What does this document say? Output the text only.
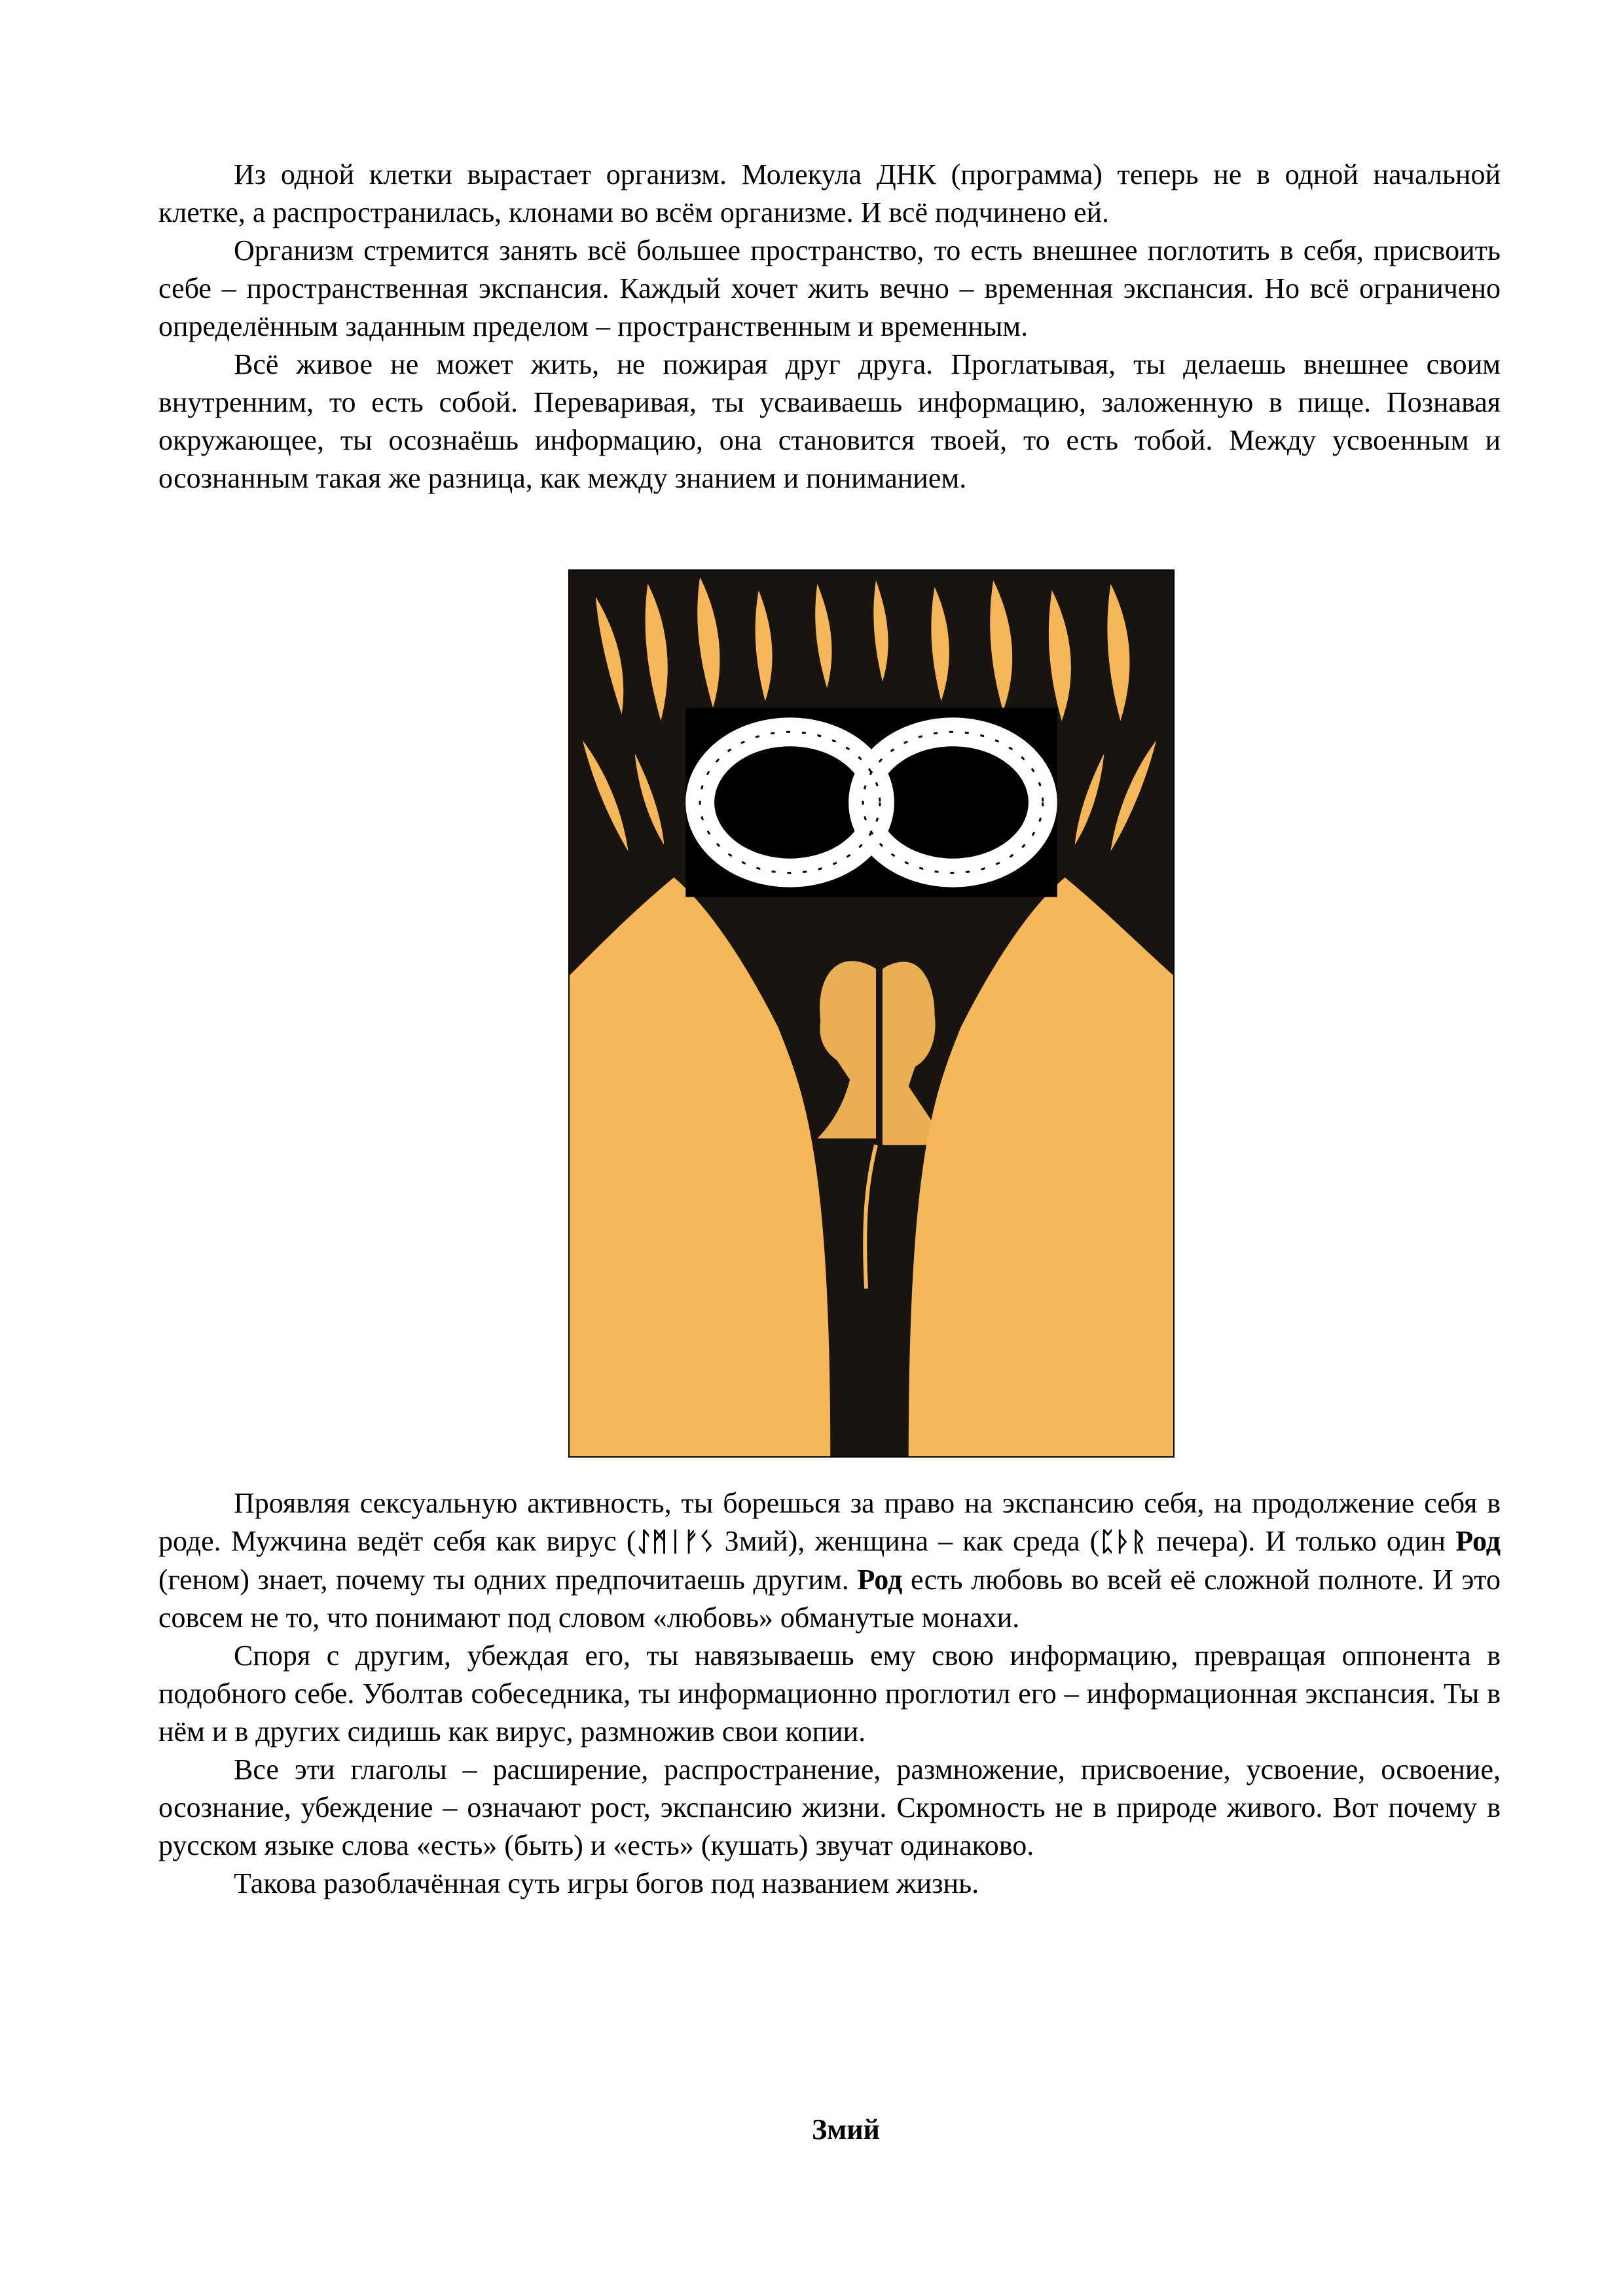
Из одной клетки вырастает организм. Молекула ДНК (программа) теперь не в одной начальной клетке, а распространилась, клонами во всём организме. И всё подчинено ей.

Организм стремится занять всё большее пространство, то есть внешнее поглотить в себя, присвоить себе – пространственная экспансия. Каждый хочет жить вечно – временная экспансия. Но всё ограничено определённым заданным пределом – пространственным и временным.

Всё живое не может жить, не пожирая друг друга. Проглатывая, ты делаешь внешнее своим внутренним, то есть собой. Переваривая, ты усваиваешь информацию, заложенную в пище. Познавая окружающее, ты осознаёшь информацию, она становится твоей, то есть тобой. Между усвоенным и осознанным такая же разница, как между знанием и пониманием.

Проявляя сексуальную активность, ты борешься за право на экспансию себя, на продолжение себя в роде. Мужчина ведёт себя как вирус (ᛇᛗᛁᚠᛊ Змий), женщина – как среда (ᛈᚦᚱ печера). И только один Род (геном) знает, почему ты одних предпочитаешь другим. Род есть любовь во всей её сложной полноте. И это совсем не то, что понимают под словом «любовь» обманутые монахи.

Споря с другим, убеждая его, ты навязываешь ему свою информацию, превращая оппонента в подобного себе. Уболтав собеседника, ты информационно проглотил его – информационная экспансия. Ты в нём и в других сидишь как вирус, размножив свои копии.

Все эти глаголы – расширение, распространение, размножение, присвоение, усвоение, освоение, осознание, убеждение – означают рост, экспансию жизни. Скромность не в природе живого. Вот почему в русском языке слова «есть» (быть) и «есть» (кушать) звучат одинаково.

Такова разоблачённая суть игры богов под названием жизнь.

Змий
